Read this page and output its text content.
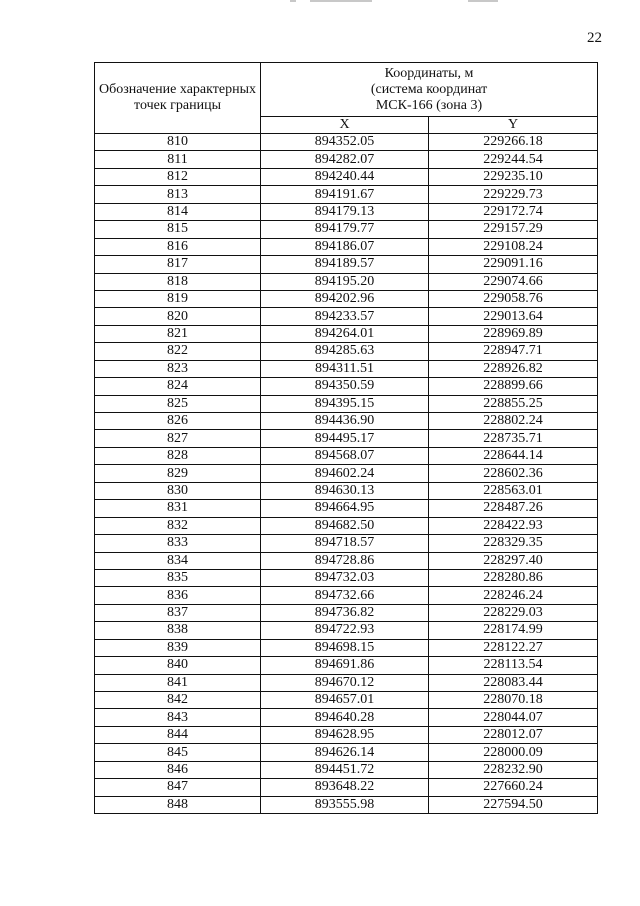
22
Обозначение характерных точек границы	Координаты, м
(система координат
МСК-166 (зона 3)	

	X	Y
810	894352.05	229266.18
811	894282.07	229244.54
812	894240.44	229235.10
813	894191.67	229229.73
814	894179.13	229172.74
815	894179.77	229157.29
816	894186.07	229108.24
817	894189.57	229091.16
818	894195.20	229074.66
819	894202.96	229058.76
820	894233.57	229013.64
821	894264.01	228969.89
822	894285.63	228947.71
823	894311.51	228926.82
824	894350.59	228899.66
825	894395.15	228855.25
826	894436.90	228802.24
827	894495.17	228735.71
828	894568.07	228644.14
829	894602.24	228602.36
830	894630.13	228563.01
831	894664.95	228487.26
832	894682.50	228422.93
833	894718.57	228329.35
834	894728.86	228297.40
835	894732.03	228280.86
836	894732.66	228246.24
837	894736.82	228229.03
838	894722.93	228174.99
839	894698.15	228122.27
840	894691.86	228113.54
841	894670.12	228083.44
842	894657.01	228070.18
843	894640.28	228044.07
844	894628.95	228012.07
845	894626.14	228000.09
846	894451.72	228232.90
847	893648.22	227660.24
848	893555.98	227594.50
